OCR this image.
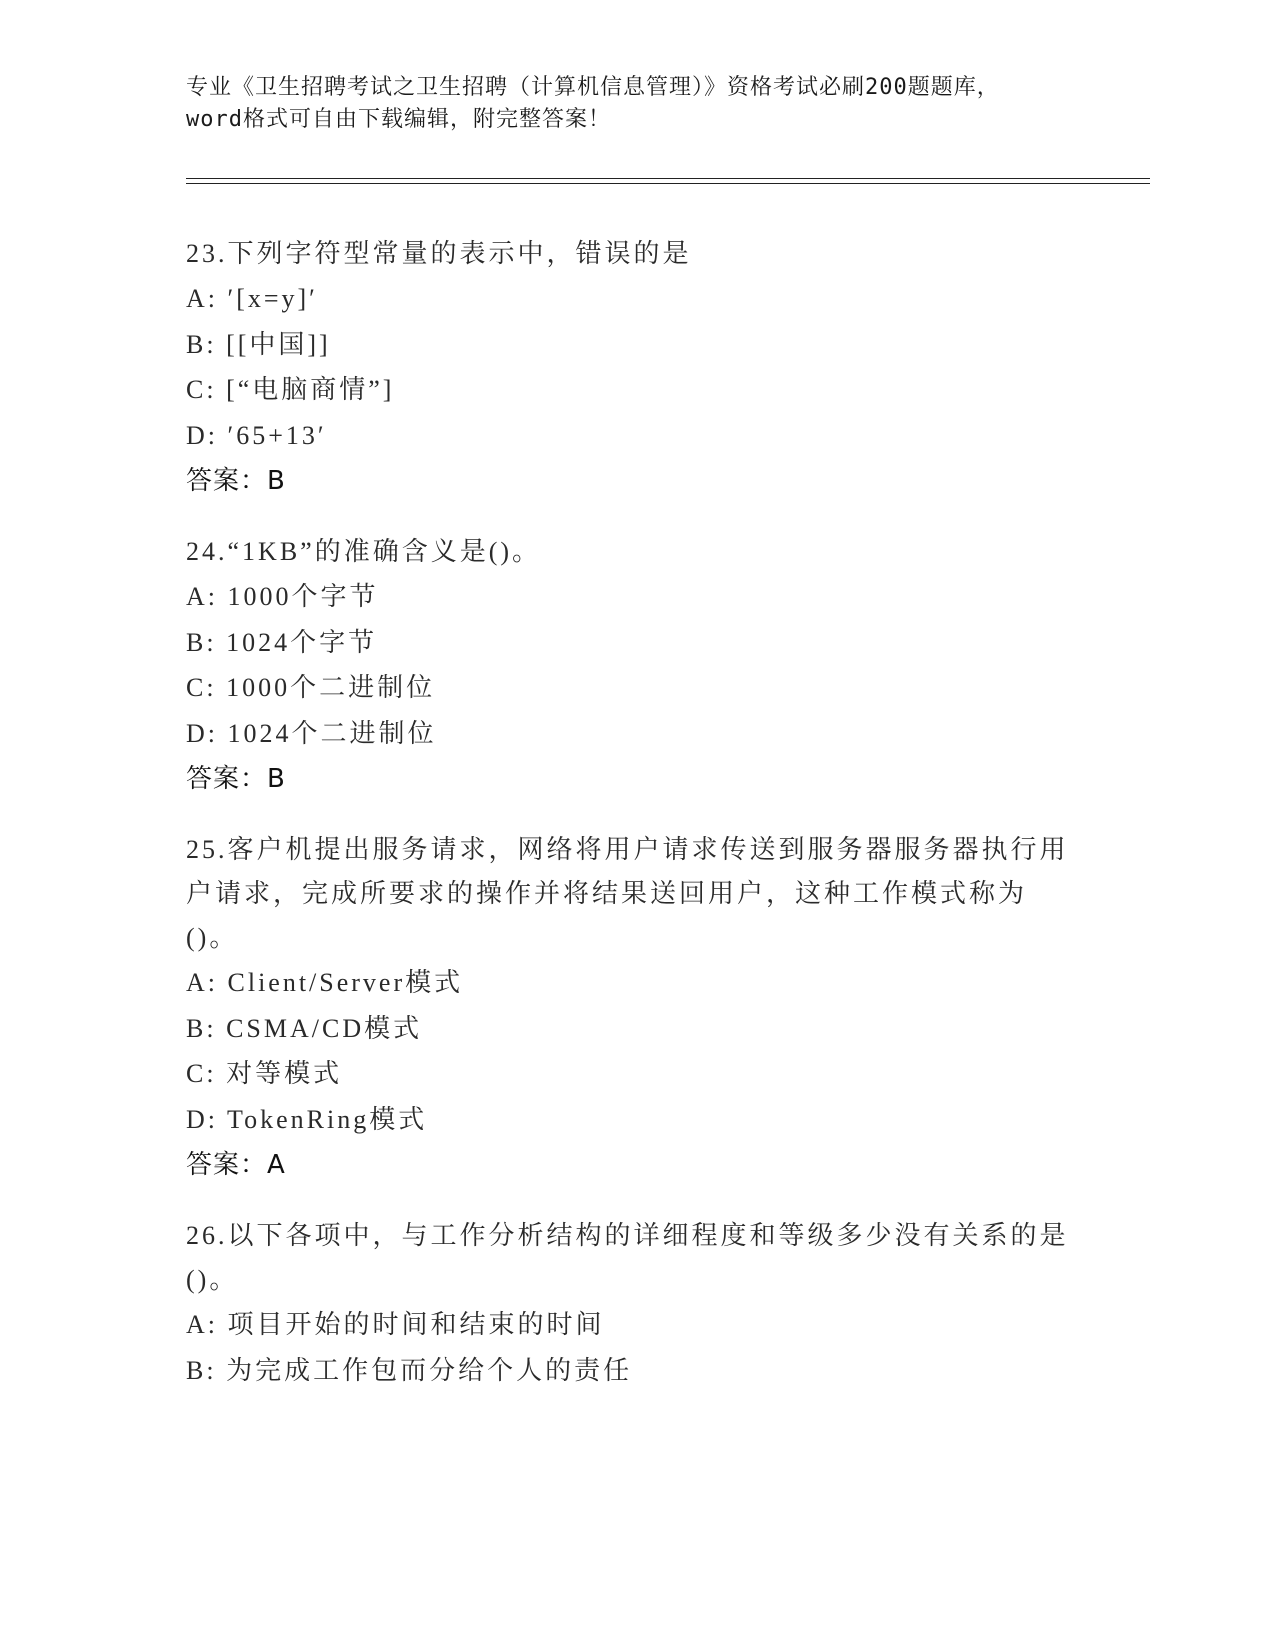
专业《卫生招聘考试之卫生招聘（计算机信息管理）》资格考试必刷200题题库，
word格式可自由下载编辑，附完整答案！
23.下列字符型常量的表示中，错误的是
A: ′[x=y]′
B: [[中国]]
C: [“电脑商情”]
D: ′65+13′
答案：B
24.“1KB”的准确含义是()。
A: 1000个字节
B: 1024个字节
C: 1000个二进制位
D: 1024个二进制位
答案：B
25.客户机提出服务请求，网络将用户请求传送到服务器服务器执行用户请求，完成所要求的操作并将结果送回用户，这种工作模式称为()。
A: Client/Server模式
B: CSMA/CD模式
C: 对等模式
D: TokenRing模式
答案：A
26.以下各项中，与工作分析结构的详细程度和等级多少没有关系的是()。
A: 项目开始的时间和结束的时间
B: 为完成工作包而分给个人的责任
